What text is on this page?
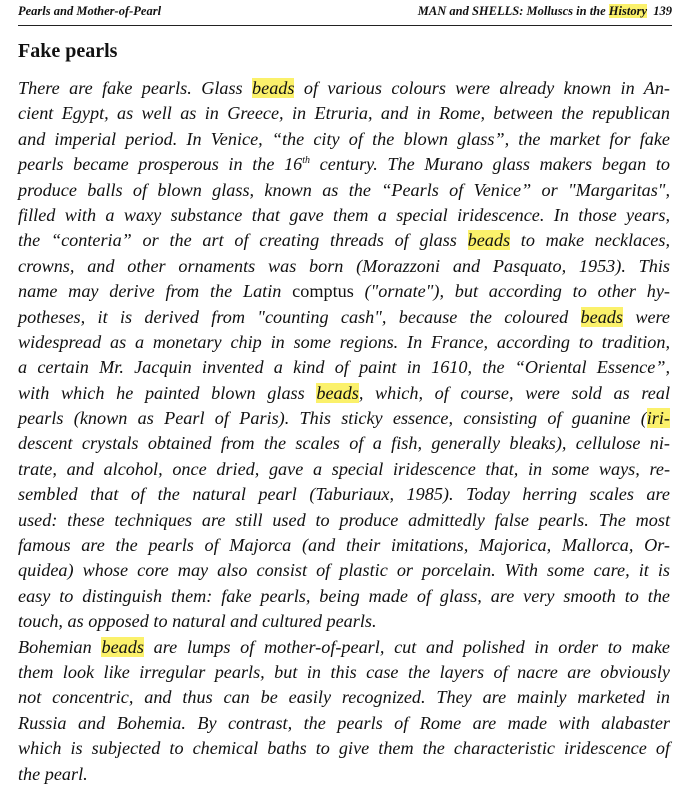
Pearls and Mother-of-Pearl	MAN and SHELLS: Molluscs in the History 139
Fake pearls
There are fake pearls. Glass beads of various colours were already known in An-
cient Egypt, as well as in Greece, in Etruria, and in Rome, between the republican
and imperial period. In Venice, “the city of the blown glass”, the market for fake
pearls became prosperous in the 16th century. The Murano glass makers began to
produce balls of blown glass, known as the “Pearls of Venice” or "Margaritas",
filled with a waxy substance that gave them a special iridescence. In those years,
the “conteria” or the art of creating threads of glass beads to make necklaces,
crowns, and other ornaments was born (Morazzoni and Pasquato, 1953). This
name may derive from the Latin comptus ("ornate"), but according to other hy-
potheses, it is derived from "counting cash", because the coloured beads were
widespread as a monetary chip in some regions. In France, according to tradition,
a certain Mr. Jacquin invented a kind of paint in 1610, the “Oriental Essence”,
with which he painted blown glass beads, which, of course, were sold as real
pearls (known as Pearl of Paris). This sticky essence, consisting of guanine (iri-
descent crystals obtained from the scales of a fish, generally bleaks), cellulose ni-
trate, and alcohol, once dried, gave a special iridescence that, in some ways, re-
sembled that of the natural pearl (Taburiaux, 1985). Today herring scales are
used: these techniques are still used to produce admittedly false pearls. The most
famous are the pearls of Majorca (and their imitations, Majorica, Mallorca, Or-
quidea) whose core may also consist of plastic or porcelain. With some care, it is
easy to distinguish them: fake pearls, being made of glass, are very smooth to the
touch, as opposed to natural and cultured pearls.
Bohemian beads are lumps of mother-of-pearl, cut and polished in order to make
them look like irregular pearls, but in this case the layers of nacre are obviously
not concentric, and thus can be easily recognized. They are mainly marketed in
Russia and Bohemia. By contrast, the pearls of Rome are made with alabaster
which is subjected to chemical baths to give them the characteristic iridescence of
the pearl.
